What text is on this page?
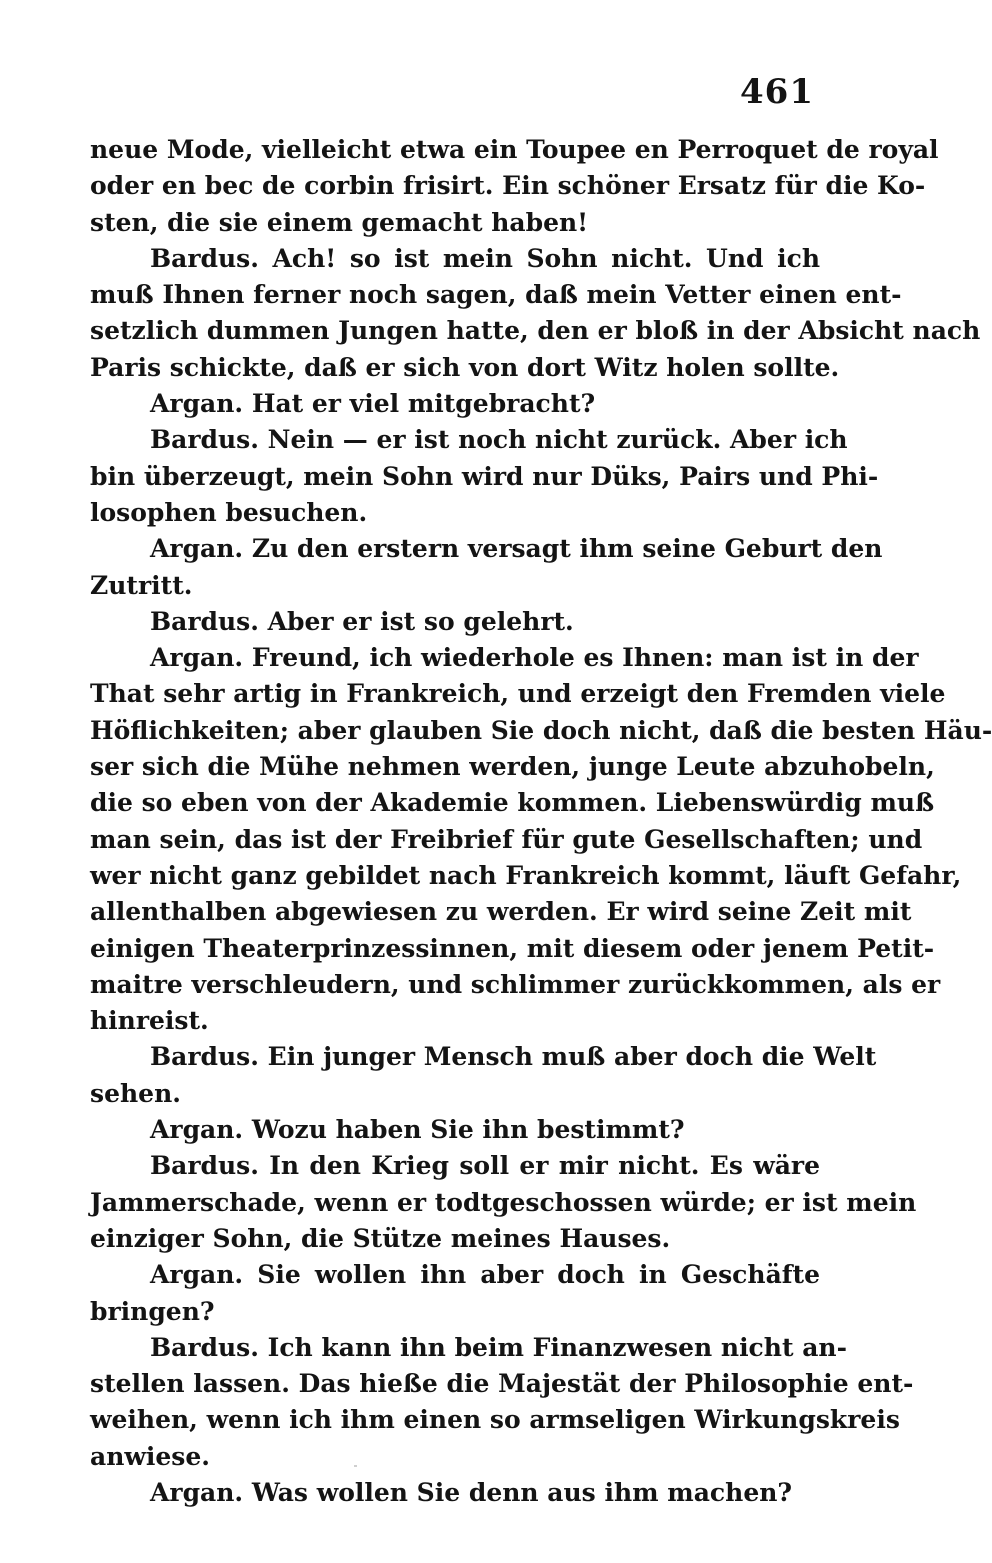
461
neue Mode, vielleicht etwa ein Toupee en Perroquet de royal
oder en bec de corbin frisirt. Ein schöner Ersatz für die Ko-
sten, die sie einem gemacht haben!
Bardus. Ach! so ist mein Sohn nicht. Und ich
muß Ihnen ferner noch sagen, daß mein Vetter einen ent-
setzlich dummen Jungen hatte, den er bloß in der Absicht nach
Paris schickte, daß er sich von dort Witz holen sollte.
Argan. Hat er viel mitgebracht?
Bardus. Nein — er ist noch nicht zurück. Aber ich
bin überzeugt, mein Sohn wird nur Düks, Pairs und Phi-
losophen besuchen.
Argan. Zu den erstern versagt ihm seine Geburt den
Zutritt.
Bardus. Aber er ist so gelehrt.
Argan. Freund, ich wiederhole es Ihnen: man ist in der
That sehr artig in Frankreich, und erzeigt den Fremden viele
Höflichkeiten; aber glauben Sie doch nicht, daß die besten Häu-
ser sich die Mühe nehmen werden, junge Leute abzuhobeln,
die so eben von der Akademie kommen. Liebenswürdig muß
man sein, das ist der Freibrief für gute Gesellschaften; und
wer nicht ganz gebildet nach Frankreich kommt, läuft Gefahr,
allenthalben abgewiesen zu werden. Er wird seine Zeit mit
einigen Theaterprinzessinnen, mit diesem oder jenem Petit-
maitre verschleudern, und schlimmer zurückkommen, als er
hinreist.
Bardus. Ein junger Mensch muß aber doch die Welt
sehen.
Argan. Wozu haben Sie ihn bestimmt?
Bardus. In den Krieg soll er mir nicht. Es wäre
Jammerschade, wenn er todtgeschossen würde; er ist mein
einziger Sohn, die Stütze meines Hauses.
Argan. Sie wollen ihn aber doch in Geschäfte
bringen?
Bardus. Ich kann ihn beim Finanzwesen nicht an-
stellen lassen. Das hieße die Majestät der Philosophie ent-
weihen, wenn ich ihm einen so armseligen Wirkungskreis
anwiese.
Argan. Was wollen Sie denn aus ihm machen?
